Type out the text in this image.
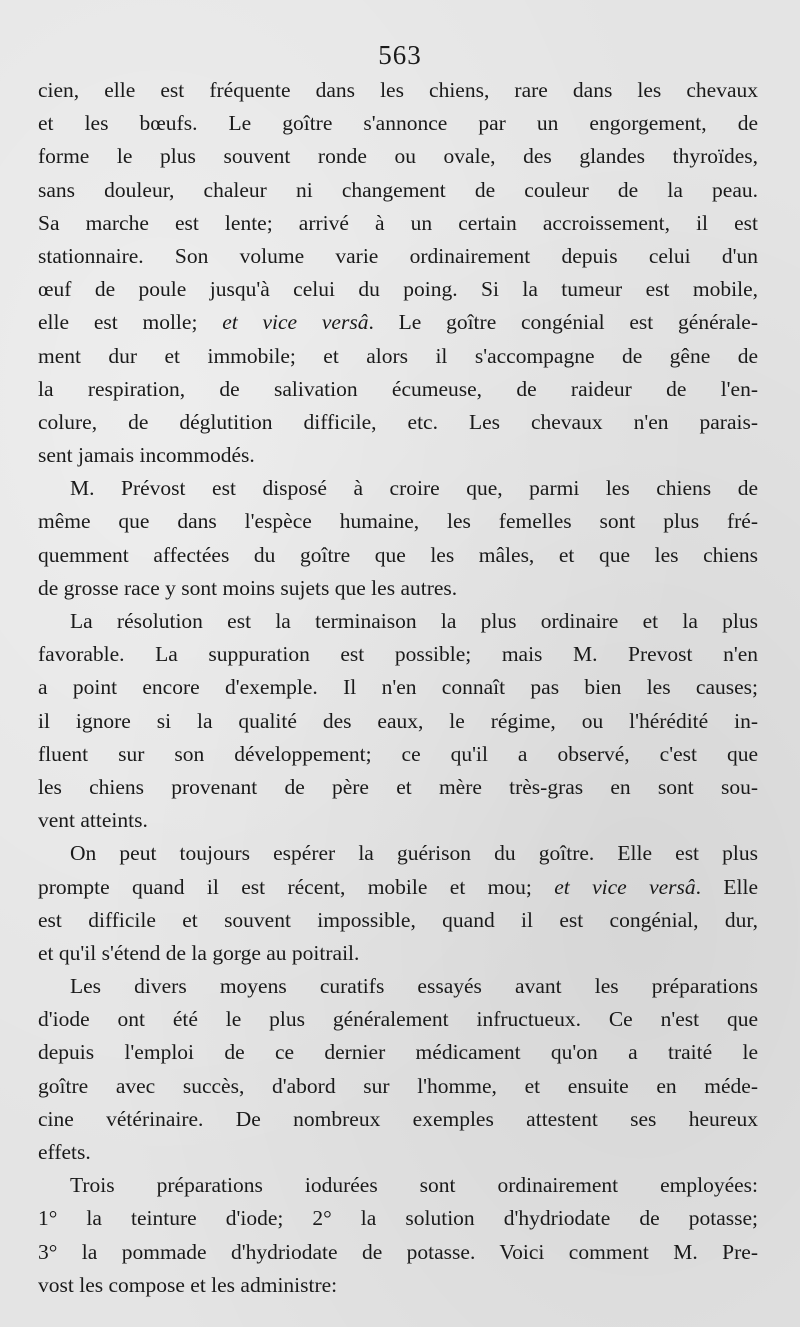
563
cien, elle est fréquente dans les chiens, rare dans les chevaux
et les bœufs. Le goître s'annonce par un engorgement, de
forme le plus souvent ronde ou ovale, des glandes thyroïdes,
sans douleur, chaleur ni changement de couleur de la peau.
Sa marche est lente; arrivé à un certain accroissement, il est
stationnaire. Son volume varie ordinairement depuis celui d'un
œuf de poule jusqu'à celui du poing. Si la tumeur est mobile,
elle est molle; et vice versâ. Le goître congénial est générale-
ment dur et immobile; et alors il s'accompagne de gêne de
la respiration, de salivation écumeuse, de raideur de l'en-
colure, de déglutition difficile, etc. Les chevaux n'en parais-
sent jamais incommodés.
M. Prévost est disposé à croire que, parmi les chiens de
même que dans l'espèce humaine, les femelles sont plus fré-
quemment affectées du goître que les mâles, et que les chiens
de grosse race y sont moins sujets que les autres.
La résolution est la terminaison la plus ordinaire et la plus
favorable. La suppuration est possible; mais M. Prevost n'en
a point encore d'exemple. Il n'en connaît pas bien les causes;
il ignore si la qualité des eaux, le régime, ou l'hérédité in-
fluent sur son développement; ce qu'il a observé, c'est que
les chiens provenant de père et mère très-gras en sont sou-
vent atteints.
On peut toujours espérer la guérison du goître. Elle est plus
prompte quand il est récent, mobile et mou; et vice versâ. Elle
est difficile et souvent impossible, quand il est congénial, dur,
et qu'il s'étend de la gorge au poitrail.
Les divers moyens curatifs essayés avant les préparations
d'iode ont été le plus généralement infructueux. Ce n'est que
depuis l'emploi de ce dernier médicament qu'on a traité le
goître avec succès, d'abord sur l'homme, et ensuite en méde-
cine vétérinaire. De nombreux exemples attestent ses heureux
effets.
Trois préparations iodurées sont ordinairement employées:
1° la teinture d'iode; 2° la solution d'hydriodate de potasse;
3° la pommade d'hydriodate de potasse. Voici comment M. Pre-
vost les compose et les administre:
